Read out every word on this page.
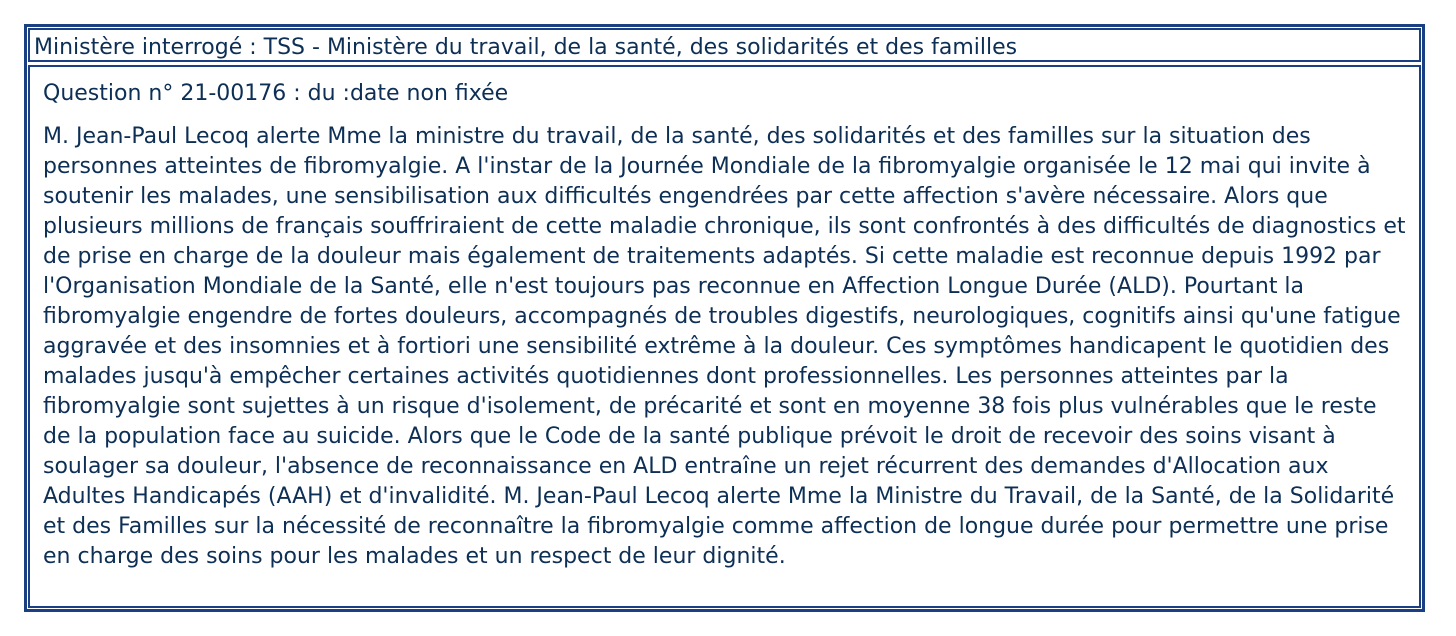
Ministère interrogé : TSS - Ministère du travail, de la santé, des solidarités et des familles
Question n° 21-00176 : du :date non fixée

M. Jean-Paul Lecoq alerte Mme la ministre du travail, de la santé, des solidarités et des familles sur la situation des personnes atteintes de fibromyalgie. A l'instar de la Journée Mondiale de la fibromyalgie organisée le 12 mai qui invite à soutenir les malades, une sensibilisation aux difficultés engendrées par cette affection s'avère nécessaire. Alors que plusieurs millions de français souffriraient de cette maladie chronique, ils sont confrontés à des difficultés de diagnostics et de prise en charge de la douleur mais également de traitements adaptés. Si cette maladie est reconnue depuis 1992 par l'Organisation Mondiale de la Santé, elle n'est toujours pas reconnue en Affection Longue Durée (ALD). Pourtant la fibromyalgie engendre de fortes douleurs, accompagnés de troubles digestifs, neurologiques, cognitifs ainsi qu'une fatigue aggravée et des insomnies et à fortiori une sensibilité extrême à la douleur. Ces symptômes handicapent le quotidien des malades jusqu'à empêcher certaines activités quotidiennes dont professionnelles. Les personnes atteintes par la fibromyalgie sont sujettes à un risque d'isolement, de précarité et sont en moyenne 38 fois plus vulnérables que le reste de la population face au suicide. Alors que le Code de la santé publique prévoit le droit de recevoir des soins visant à soulager sa douleur, l'absence de reconnaissance en ALD entraîne un rejet récurrent des demandes d'Allocation aux Adultes Handicapés (AAH) et d'invalidité. M. Jean-Paul Lecoq alerte Mme la Ministre du Travail, de la Santé, de la Solidarité et des Familles sur la nécessité de reconnaître la fibromyalgie comme affection de longue durée pour permettre une prise en charge des soins pour les malades et un respect de leur dignité.
